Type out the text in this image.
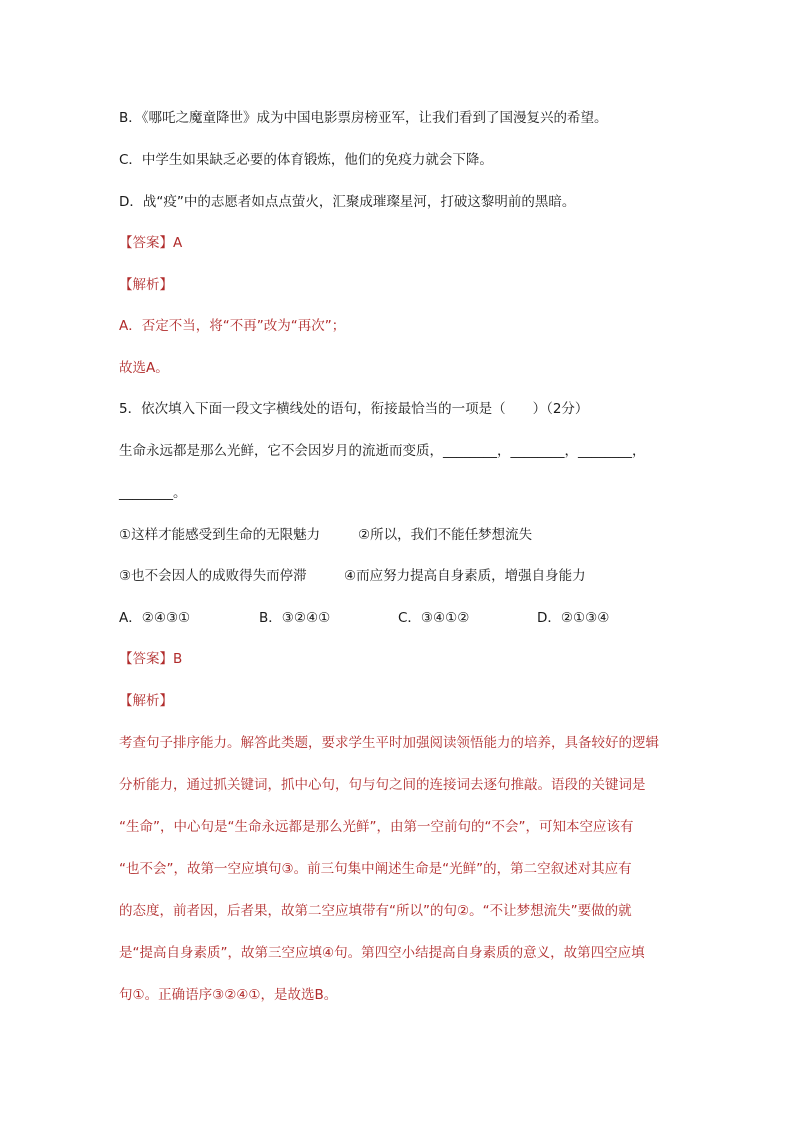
B．《哪吒之魔童降世》成为中国电影票房榜亚军，让我们看到了国漫复兴的希望。
C．中学生如果缺乏必要的体育锻炼，他们的免疫力就会下降。
D．战“疫”中的志愿者如点点萤火，汇聚成璀璨星河，打破这黎明前的黑暗。
【答案】A
【解析】
A．否定不当，将“不再”改为“再次”；
故选A。
5．依次填入下面一段文字横线处的语句，衔接最恰当的一项是（　　）（2分）
生命永远都是那么光鲜，它不会因岁月的流逝而变质，________，________，________，
________。
①这样才能感受到生命的无限魅力	②所以，我们不能任梦想流失
③也不会因人的成败得失而停滞	④而应努力提高自身素质，增强自身能力
A．②④③①	B．③②④①	C．③④①②	D．②①③④
【答案】B
【解析】
考查句子排序能力。解答此类题，要求学生平时加强阅读领悟能力的培养，具备较好的逻辑
分析能力，通过抓关键词，抓中心句，句与句之间的连接词去逐句推敲。语段的关键词是
“生命”，中心句是“生命永远都是那么光鲜”，由第一空前句的“不会”，可知本空应该有
“也不会”，故第一空应填句③。前三句集中阐述生命是“光鲜”的，第二空叙述对其应有
的态度，前者因，后者果，故第二空应填带有“所以”的句②。“不让梦想流失”要做的就
是“提高自身素质”，故第三空应填④句。第四空小结提高自身素质的意义，故第四空应填
句①。正确语序③②④①，是故选B。
